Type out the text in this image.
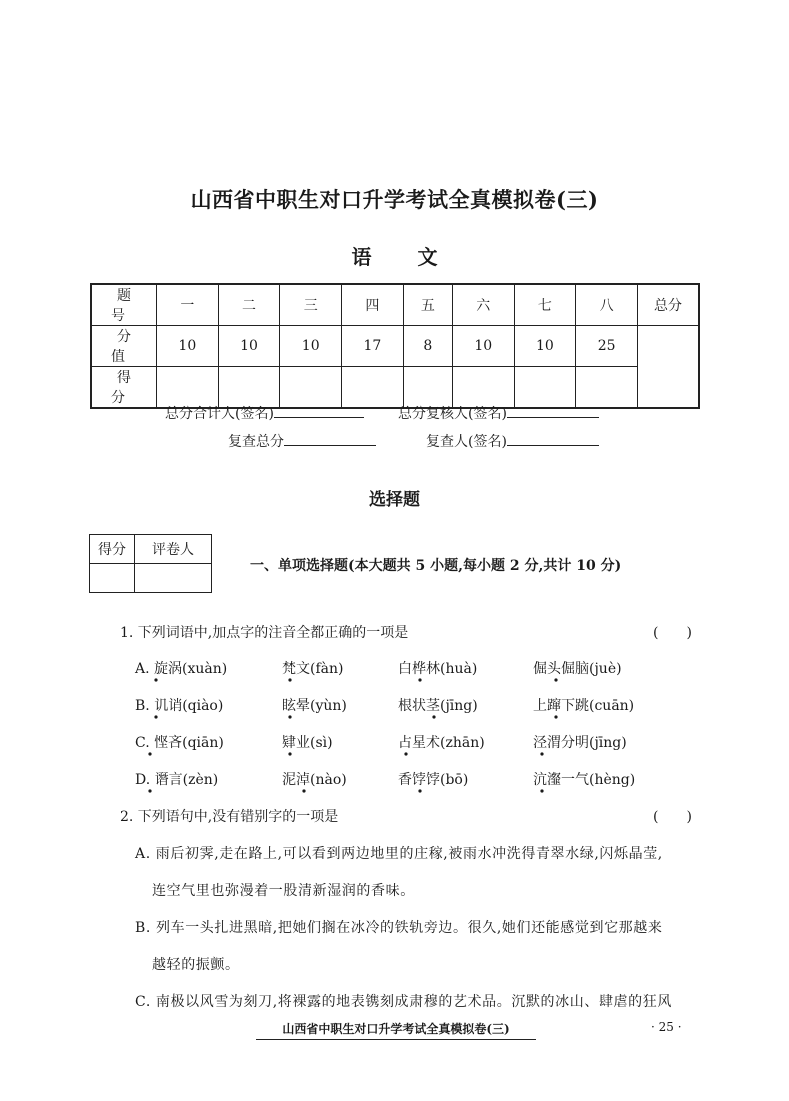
山西省中职生对口升学考试全真模拟卷(三)
语 文
题　号	一	二	三	四	五	六	七	八	总分
分　值	10	10	10	17	8	10	10	25	
得　分									
总分合计人(签名)	总分复核人(签名)
复查总分	复查人(签名)
选择题
得分	评卷人

一、单项选择题(本大题共 5 小题,每小题 2 分,共计 10 分)
1. 下列词语中,加点字的注音全都正确的一项是	(　　)
A. 旋涡(xuàn)	梵文(fàn)	白桦林(huà)	倔头倔脑(juè)
B. 讥诮(qiào)	眩晕(yùn)	根状茎(jīng)	上蹿下跳(cuān)
C. 悭吝(qiān)	肄业(sì)	占星术(zhān)	泾渭分明(jīng)
D. 谮言(zèn)	泥淖(nào)	香饽饽(bō)	沆瀣一气(hèng)
2. 下列语句中,没有错别字的一项是	(　　)
A. 雨后初霁,走在路上,可以看到两边地里的庄稼,被雨水冲洗得青翠水绿,闪烁晶莹,
连空气里也弥漫着一股清新湿润的香味。
B. 列车一头扎进黑暗,把她们搁在冰冷的铁轨旁边。很久,她们还能感觉到它那越来
越轻的振颤。
C. 南极以风雪为刻刀,将裸露的地表镌刻成肃穆的艺术品。沉默的冰山、肆虐的狂风
山西省中职生对口升学考试全真模拟卷(三)	· 25 ·
